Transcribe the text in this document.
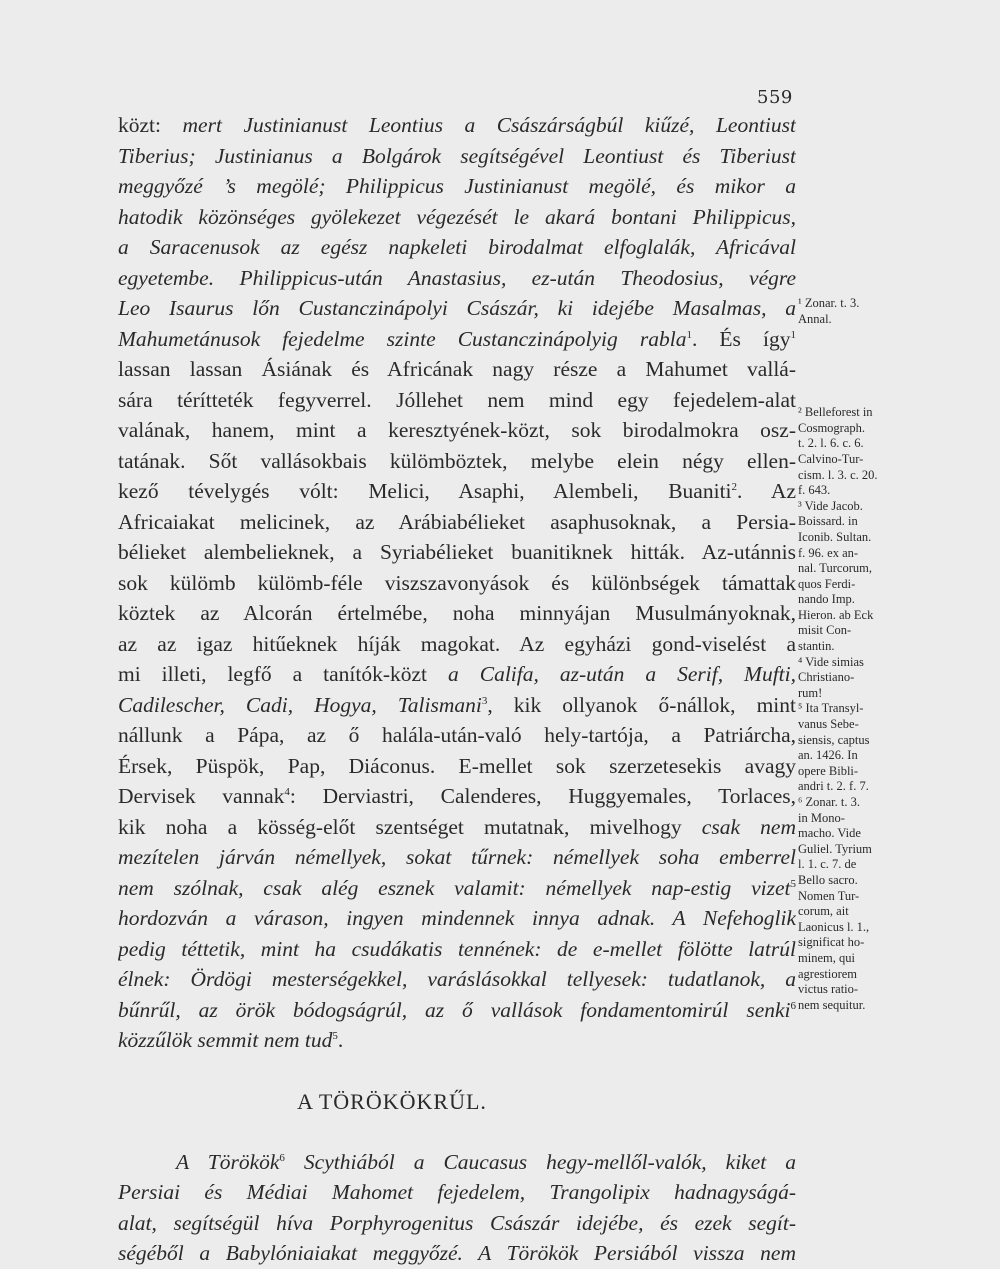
559
közt: mert Justinianust Leontius a Császárságbúl kiűzé, Leontiust
Tiberius; Justinianus a Bolgárok segítségével Leontiust és Tiberiust
meggyőzé ’s megölé; Philippicus Justinianust megölé, és mikor a
hatodik közönséges gyölekezet végezését le akará bontani Philippicus,
a Saracenusok az egész napkeleti birodalmat elfoglalák, Africával
egyetembe. Philippicus-után Anastasius, ez-után Theodosius, végre
Leo Isaurus lőn Custanczinápolyi Császár, ki idejébe Masalmas, a
Mahumetánusok fejedelme szinte Custanczinápolyig rabla$^1$. És így$^1$
lassan lassan Ásiának és Africának nagy része a Mahumet vallá-
sára térítteték fegyverrel. Jóllehet nem mind egy fejedelem-alat
valának, hanem, mint a keresztyének-közt, sok birodalmokra osz-
tatának. Sőt vallásokbais külömböztek, melybe elein négy ellen-
kező tévelygés vólt: Melici, Asaphi, Alembeli, Buaniti$^2$. Az
Africaiakat melicinek, az Arábiabélieket asaphusoknak, a Persia-
bélieket alembelieknek, a Syriabélieket buanitiknek hitták. Az-utánnis
sok külömb külömb-féle viszszavonyások és különbségek támattak
köztek az Alcorán értelmébe, noha minnyájan Musulmányoknak,
az az igaz hitűeknek híják magokat. Az egyházi gond-viselést a
mi illeti, legfő a tanítók-közt a Califa, az-után a Serif, Mufti,
Cadilescher, Cadi, Hogya, Talismani$^3$, kik ollyanok ő-nállok, mint
nállunk a Pápa, az ő halála-után-való hely-tartója, a Patriárcha,
Érsek, Püspök, Pap, Diáconus. E-mellet sok szerzetesekis avagy
Dervisek vannak$^4$: Derviastri, Calenderes, Huggyemales, Torlaces,
kik noha a kösség-előt szentséget mutatnak, mivelhogy csak nem
mezítelen járván némellyek, sokat tűrnek: némellyek soha emberrel
nem szólnak, csak alég esznek valamit: némellyek nap-estig vizet$^5$
hordozván a várason, ingyen mindennek innya adnak. A Nefehoglik
pedig téttetik, mint ha csudákatis tennének: de e-mellet fölötte latrúl
élnek: Ördögi mesterségekkel, varáslásokkal tellyesek: tudatlanok, a
bűnrűl, az örök bódogságrúl, az ő vallások fondamentomirúl senki$^6$
közzűlök semmit nem tud$^5$.
A TÖRÖKÖKRŰL.
A Törökök$^6$ Scythiából a Caucasus hegy-mellől-valók, kiket a
Persiai és Médiai Mahomet fejedelem, Trangolipix hadnagyságá-
alat, segítségül híva Porphyrogenitus Császár idejébe, és ezek segít-
ségéből a Babylóniaiakat meggyőzé. A Törökök Persiából vissza nem
¹ Zonar. t. 3.
Annal.

² Belleforest in
Cosmograph.
t. 2. l. 6. c. 6.
Calvino-Tur-
cism. l. 3. c. 20.
f. 643.
³ Vide Jacob.
Boissard. in
Iconib. Sultan.
f. 96. ex an-
nal. Turcorum,
quos Ferdi-
nando Imp.
Hieron. ab Eck
misit Con-
stantin.
⁴ Vide simias
Christiano-
rum!
⁵ Ita Transyl-
vanus Sebe-
siensis, captus
an. 1426. In
opere Bibli-
andri t. 2. f. 7.
⁶ Zonar. t. 3.
in Mono-
macho. Vide
Guliel. Tyrium
l. 1. c. 7. de
Bello sacro.
Nomen Tur-
corum, ait
Laonicus l. 1.,
significat ho-
minem, qui
agrestiorem
victus ratio-
nem sequitur.
